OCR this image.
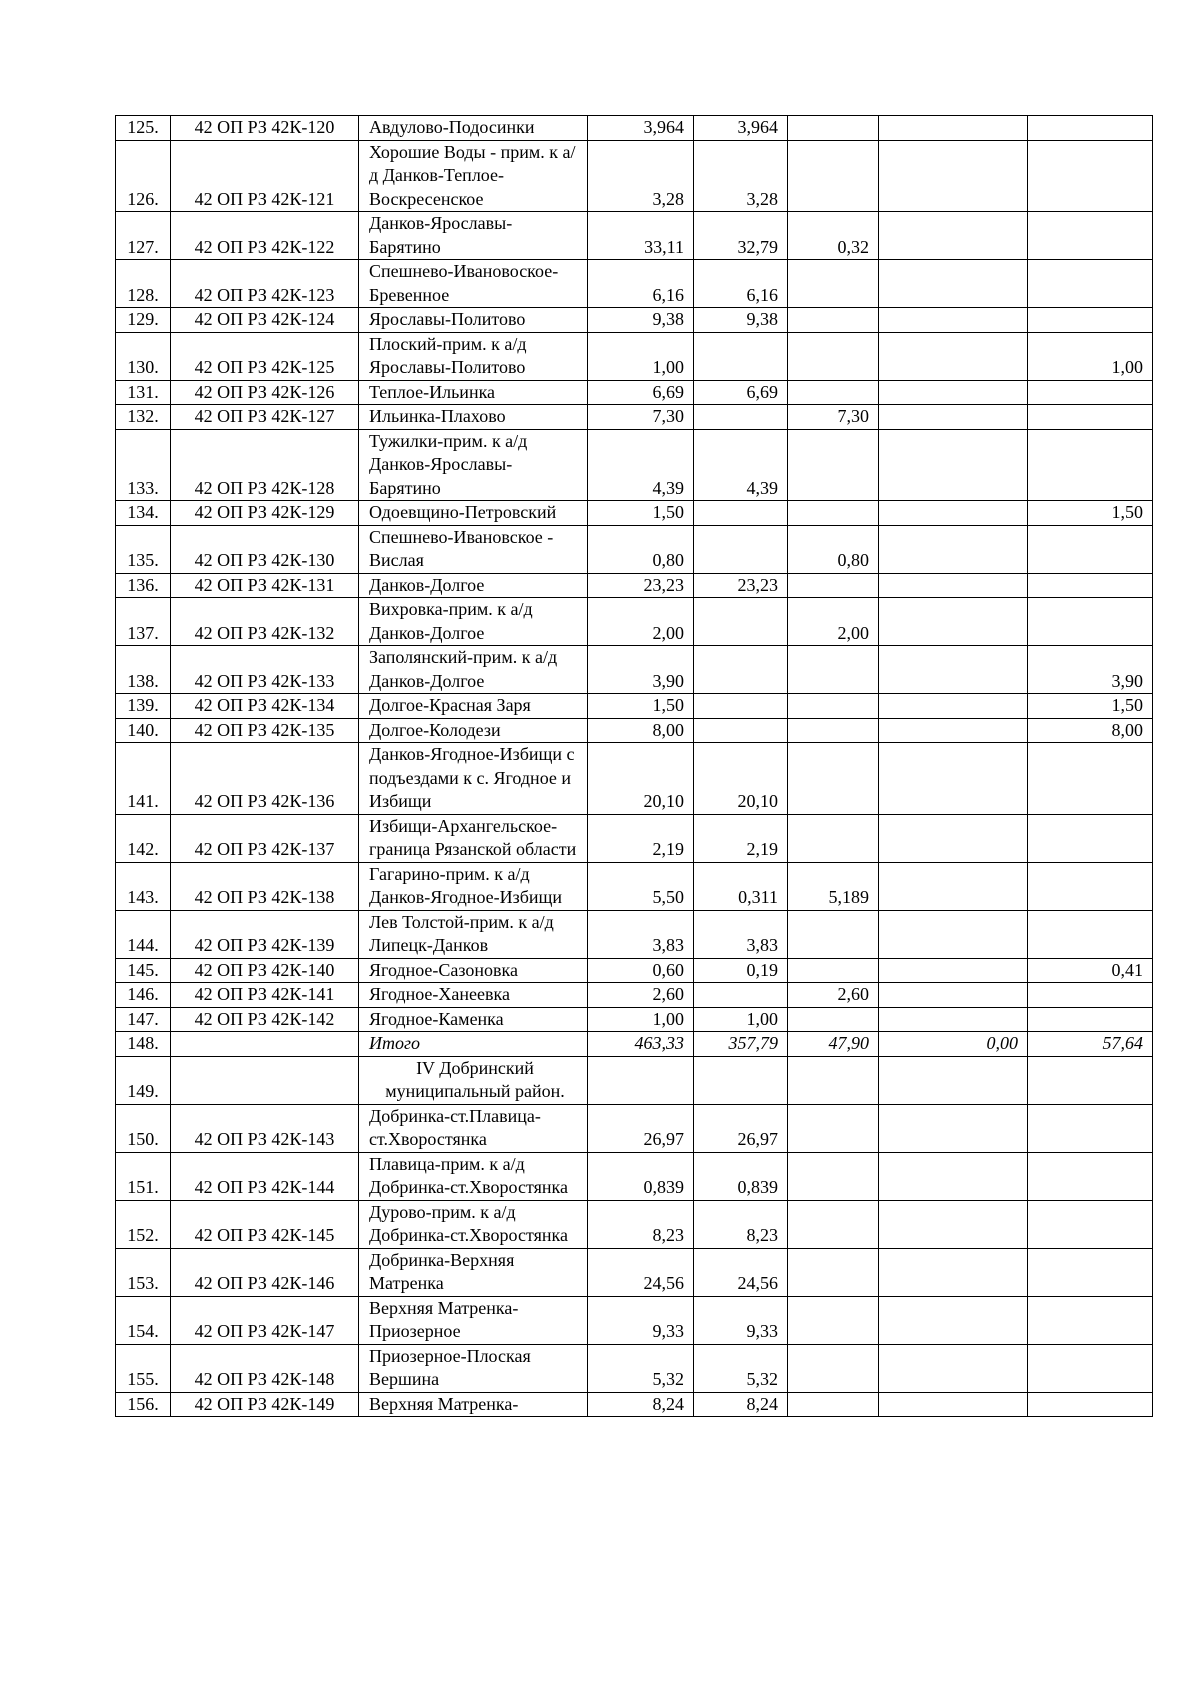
125.	42 ОП РЗ 42К-120	Авдулово-Подосинки	3,964	3,964			
126.	42 ОП РЗ 42К-121	Хорошие Воды - прим. к а/д Данков-Теплое-Воскресенское	3,28	3,28			
127.	42 ОП РЗ 42К-122	Данков-Ярославы-Барятино	33,11	32,79	0,32		
128.	42 ОП РЗ 42К-123	Спешнево-Ивановоское-Бревенное	6,16	6,16			
129.	42 ОП РЗ 42К-124	Ярославы-Политово	9,38	9,38			
130.	42 ОП РЗ 42К-125	Плоский-прим. к а/д Ярославы-Политово	1,00				1,00
131.	42 ОП РЗ 42К-126	Теплое-Ильинка	6,69	6,69			
132.	42 ОП РЗ 42К-127	Ильинка-Плахово	7,30		7,30		
133.	42 ОП РЗ 42К-128	Тужилки-прим. к а/д Данков-Ярославы-Барятино	4,39	4,39			
134.	42 ОП РЗ 42К-129	Одоевщино-Петровский	1,50				1,50
135.	42 ОП РЗ 42К-130	Спешнево-Ивановское - Вислая	0,80		0,80		
136.	42 ОП РЗ 42К-131	Данков-Долгое	23,23	23,23			
137.	42 ОП РЗ 42К-132	Вихровка-прим. к а/д Данков-Долгое	2,00		2,00		
138.	42 ОП РЗ 42К-133	Заполянский-прим. к а/д Данков-Долгое	3,90				3,90
139.	42 ОП РЗ 42К-134	Долгое-Красная Заря	1,50				1,50
140.	42 ОП РЗ 42К-135	Долгое-Колодези	8,00				8,00
141.	42 ОП РЗ 42К-136	Данков-Ягодное-Избищи с подъездами к с. Ягодное и Избищи	20,10	20,10			
142.	42 ОП РЗ 42К-137	Избищи-Архангельское-граница Рязанской области	2,19	2,19			
143.	42 ОП РЗ 42К-138	Гагарино-прим. к а/д Данков-Ягодное-Избищи	5,50	0,311	5,189		
144.	42 ОП РЗ 42К-139	Лев Толстой-прим. к а/д Липецк-Данков	3,83	3,83			
145.	42 ОП РЗ 42К-140	Ягодное-Сазоновка	0,60	0,19			0,41
146.	42 ОП РЗ 42К-141	Ягодное-Ханеевка	2,60		2,60		
147.	42 ОП РЗ 42К-142	Ягодное-Каменка	1,00	1,00			
148.		Итого	463,33	357,79	47,90	0,00	57,64
149.		IV Добринский муниципальный район.					
150.	42 ОП РЗ 42К-143	Добринка-ст.Плавица-ст.Хворостянка	26,97	26,97			
151.	42 ОП РЗ 42К-144	Плавица-прим. к а/д Добринка-ст.Хворостянка	0,839	0,839			
152.	42 ОП РЗ 42К-145	Дурово-прим. к а/д Добринка-ст.Хворостянка	8,23	8,23			
153.	42 ОП РЗ 42К-146	Добринка-Верхняя Матренка	24,56	24,56			
154.	42 ОП РЗ 42К-147	Верхняя Матренка-Приозерное	9,33	9,33			
155.	42 ОП РЗ 42К-148	Приозерное-Плоская Вершина	5,32	5,32			
156.	42 ОП РЗ 42К-149	Верхняя Матренка-	8,24	8,24			
